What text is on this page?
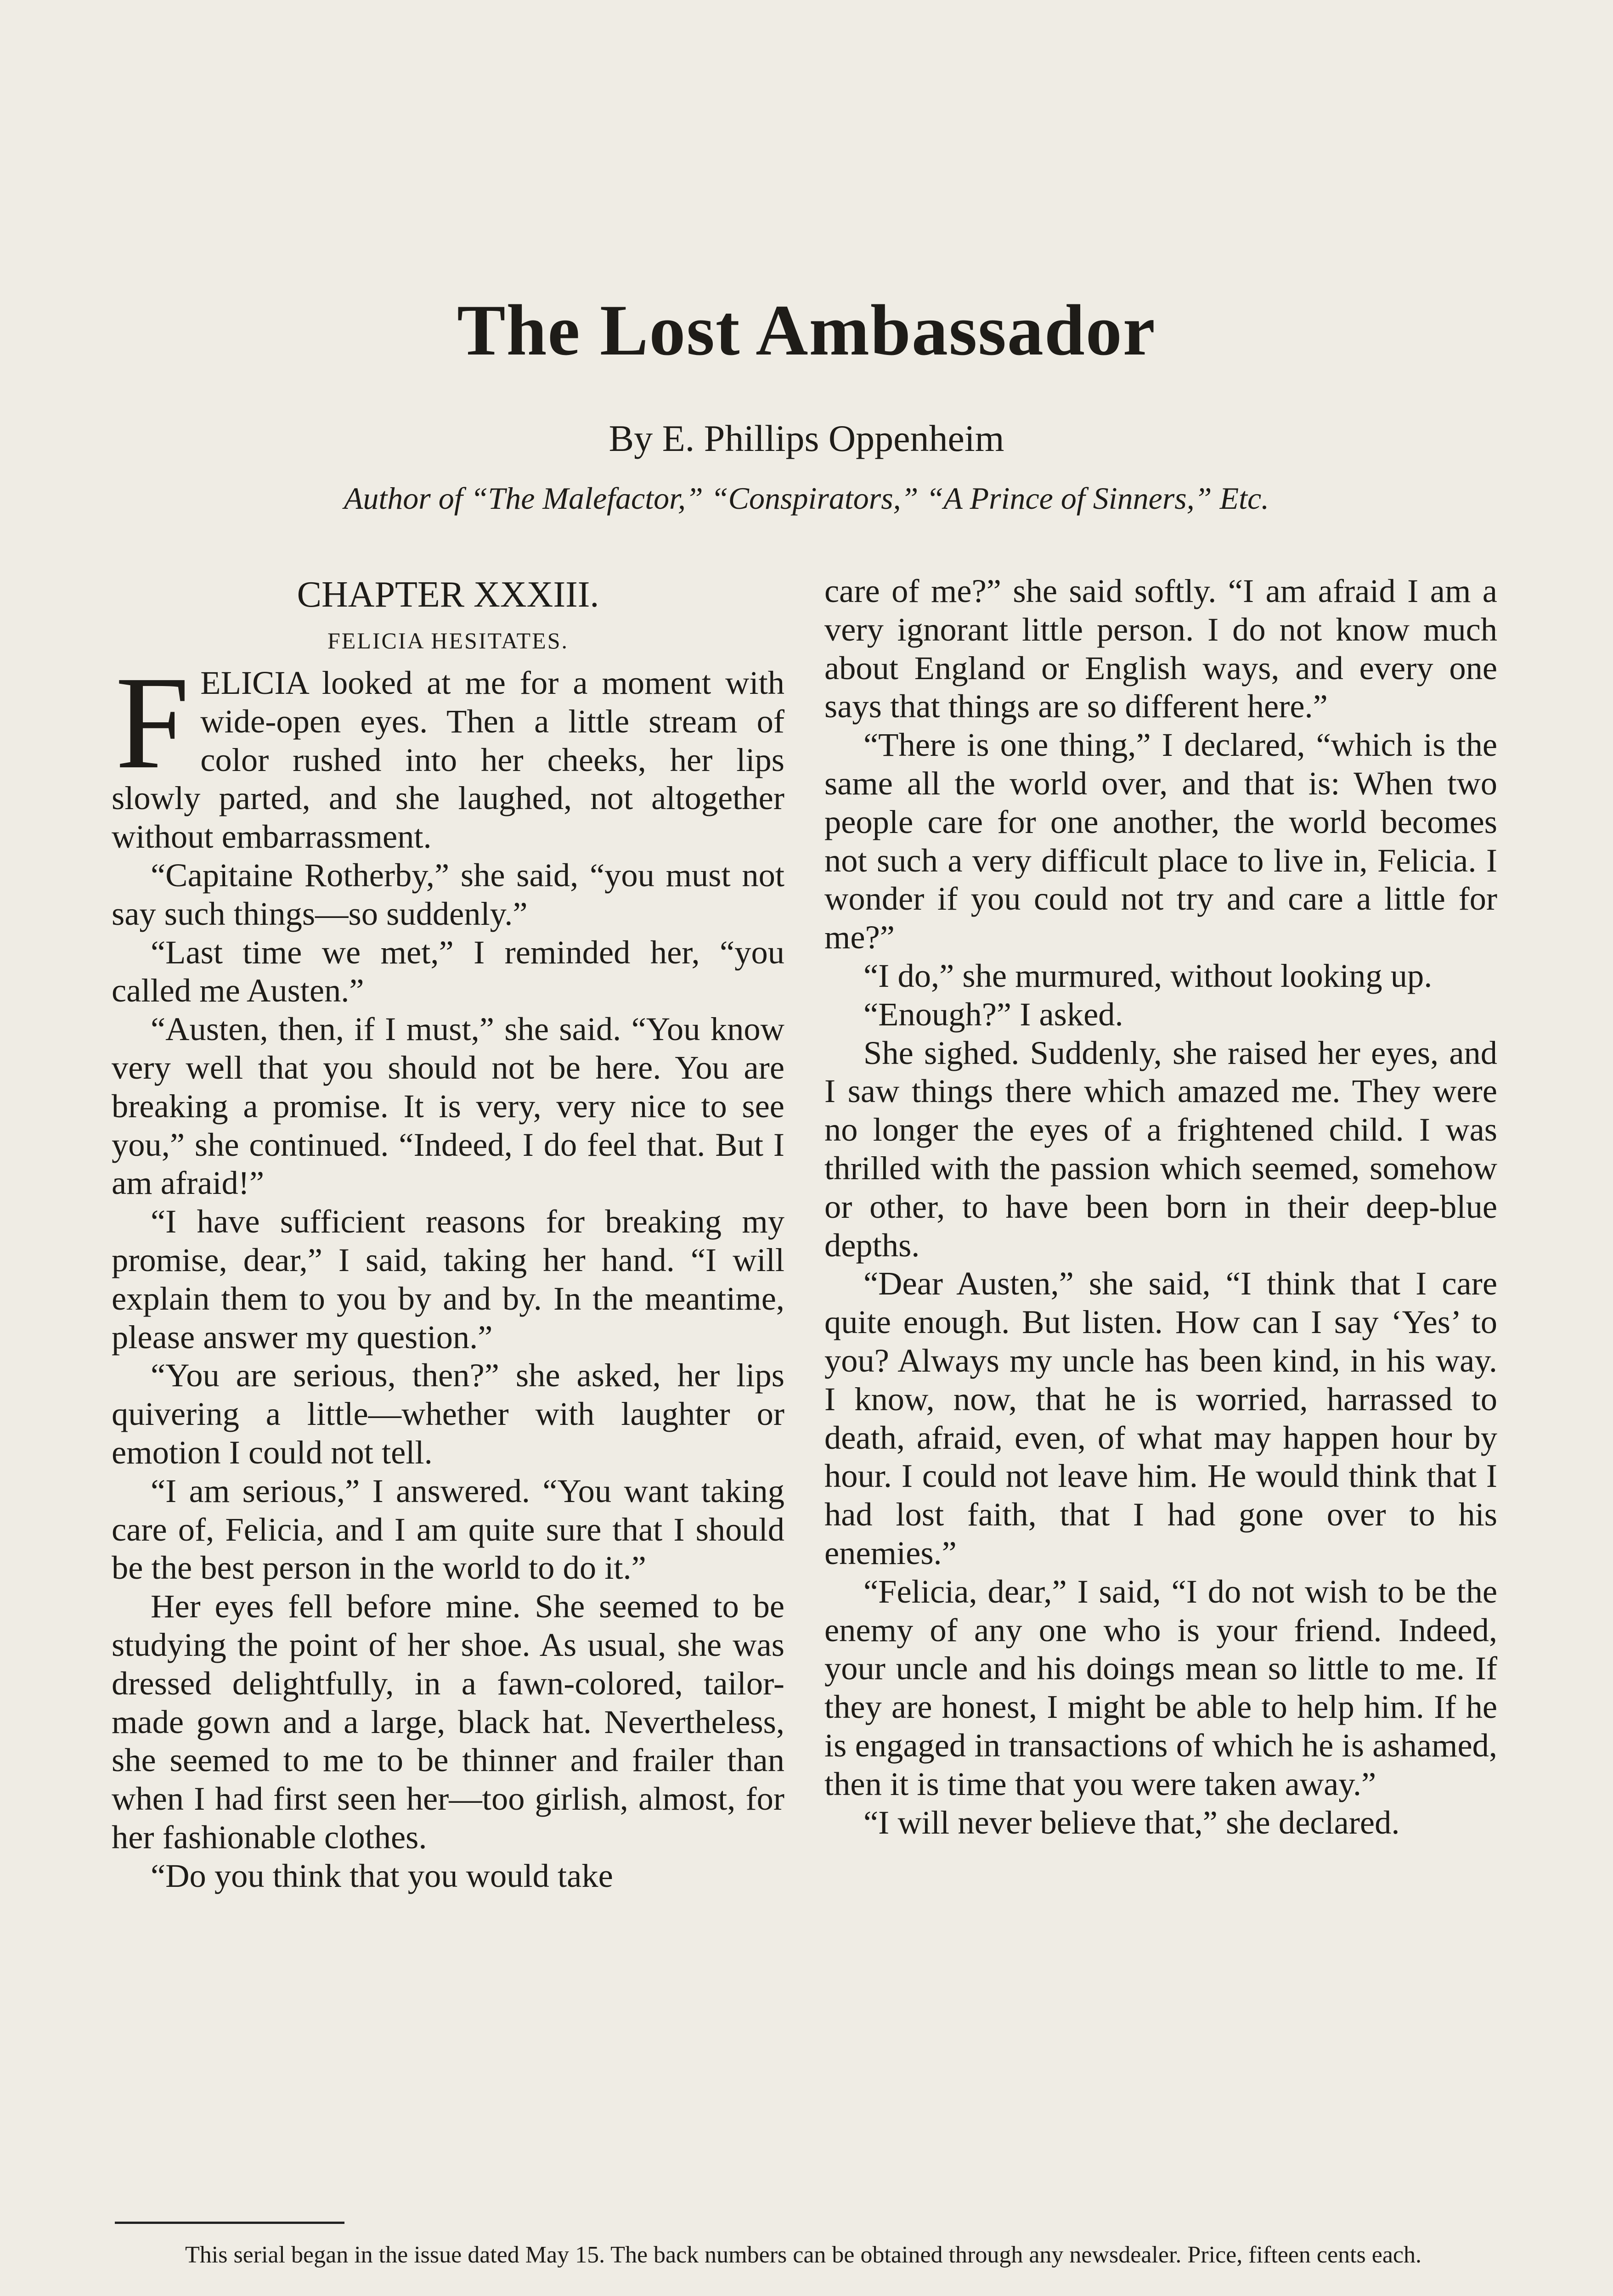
The Lost Ambassador
By E. Phillips Oppenheim
Author of “The Malefactor,” “Conspirators,” “A Prince of Sinners,” Etc.
CHAPTER XXXIII.
FELICIA HESITATES.

FELICIA looked at me for a moment with wide-open eyes. Then a little stream of color rushed into her cheeks, her lips slowly parted, and she laughed, not altogether without embarrassment.

“Capitaine Rotherby,” she said, “you must not say such things—so suddenly.”

“Last time we met,” I reminded her, “you called me Austen.”

“Austen, then, if I must,” she said. “You know very well that you should not be here. You are breaking a promise. It is very, very nice to see you,” she continued. “Indeed, I do feel that. But I am afraid!”

“I have sufficient reasons for breaking my promise, dear,” I said, taking her hand. “I will explain them to you by and by. In the meantime, please answer my question.”

“You are serious, then?” she asked, her lips quivering a little—whether with laughter or emotion I could not tell.

“I am serious,” I answered. “You want taking care of, Felicia, and I am quite sure that I should be the best person in the world to do it.”

Her eyes fell before mine. She seemed to be studying the point of her shoe. As usual, she was dressed delightfully, in a fawn-colored, tailor-made gown and a large, black hat. Nevertheless, she seemed to me to be thinner and frailer than when I had first seen her—too girlish, almost, for her fashionable clothes.

“Do you think that you would take

care of me?” she said softly. “I am afraid I am a very ignorant little person. I do not know much about England or English ways, and every one says that things are so different here.”

“There is one thing,” I declared, “which is the same all the world over, and that is: When two people care for one another, the world becomes not such a very difficult place to live in, Felicia. I wonder if you could not try and care a little for me?”

“I do,” she murmured, without looking up.

“Enough?” I asked.

She sighed. Suddenly, she raised her eyes, and I saw things there which amazed me. They were no longer the eyes of a frightened child. I was thrilled with the passion which seemed, somehow or other, to have been born in their deep-blue depths.

“Dear Austen,” she said, “I think that I care quite enough. But listen. How can I say ‘Yes’ to you? Always my uncle has been kind, in his way. I know, now, that he is worried, harrassed to death, afraid, even, of what may happen hour by hour. I could not leave him. He would think that I had lost faith, that I had gone over to his enemies.”

“Felicia, dear,” I said, “I do not wish to be the enemy of any one who is your friend. Indeed, your uncle and his doings mean so little to me. If they are honest, I might be able to help him. If he is engaged in transactions of which he is ashamed, then it is time that you were taken away.”

“I will never believe that,” she declared.

This serial began in the issue dated May 15. The back numbers can be obtained through any newsdealer. Price, fifteen cents each.
